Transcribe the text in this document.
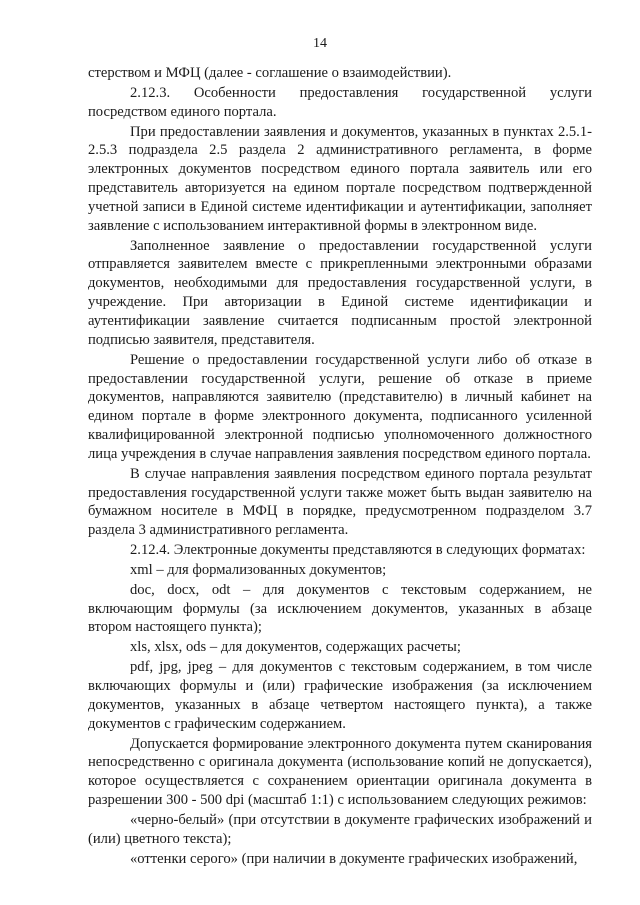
14

стерством и МФЦ (далее - соглашение о взаимодействии).

2.12.3. Особенности предоставления государственной услуги посредством единого портала.

При предоставлении заявления и документов, указанных в пунктах 2.5.1-2.5.3 подраздела 2.5 раздела 2 административного регламента, в форме электронных документов посредством единого портала заявитель или его представитель авторизуется на едином портале посредством подтвержденной учетной записи в Единой системе идентификации и аутентификации, заполняет заявление с использованием интерактивной формы в электронном виде.

Заполненное заявление о предоставлении государственной услуги отправляется заявителем вместе с прикрепленными электронными образами документов, необходимыми для предоставления государственной услуги, в учреждение. При авторизации в Единой системе идентификации и аутентификации заявление считается подписанным простой электронной подписью заявителя, представителя.

Решение о предоставлении государственной услуги либо об отказе в предоставлении государственной услуги, решение об отказе в приеме документов, направляются заявителю (представителю) в личный кабинет на едином портале в форме электронного документа, подписанного усиленной квалифицированной электронной подписью уполномоченного должностного лица учреждения в случае направления заявления посредством единого портала.

В случае направления заявления посредством единого портала результат предоставления государственной услуги также может быть выдан заявителю на бумажном носителе в МФЦ в порядке, предусмотренном подразделом 3.7 раздела 3 административного регламента.

2.12.4. Электронные документы представляются в следующих форматах:

xml – для формализованных документов;

doc, docx, odt – для документов с текстовым содержанием, не включающим формулы (за исключением документов, указанных в абзаце втором настоящего пункта);

xls, xlsx, ods – для документов, содержащих расчеты;

pdf, jpg, jpeg – для документов с текстовым содержанием, в том числе включающих формулы и (или) графические изображения (за исключением документов, указанных в абзаце четвертом настоящего пункта), а также документов с графическим содержанием.

Допускается формирование электронного документа путем сканирования непосредственно с оригинала документа (использование копий не допускается), которое осуществляется с сохранением ориентации оригинала документа в разрешении 300 - 500 dpi (масштаб 1:1) с использованием следующих режимов:

«черно-белый» (при отсутствии в документе графических изображений и (или) цветного текста);

«оттенки серого» (при наличии в документе графических изображений,
